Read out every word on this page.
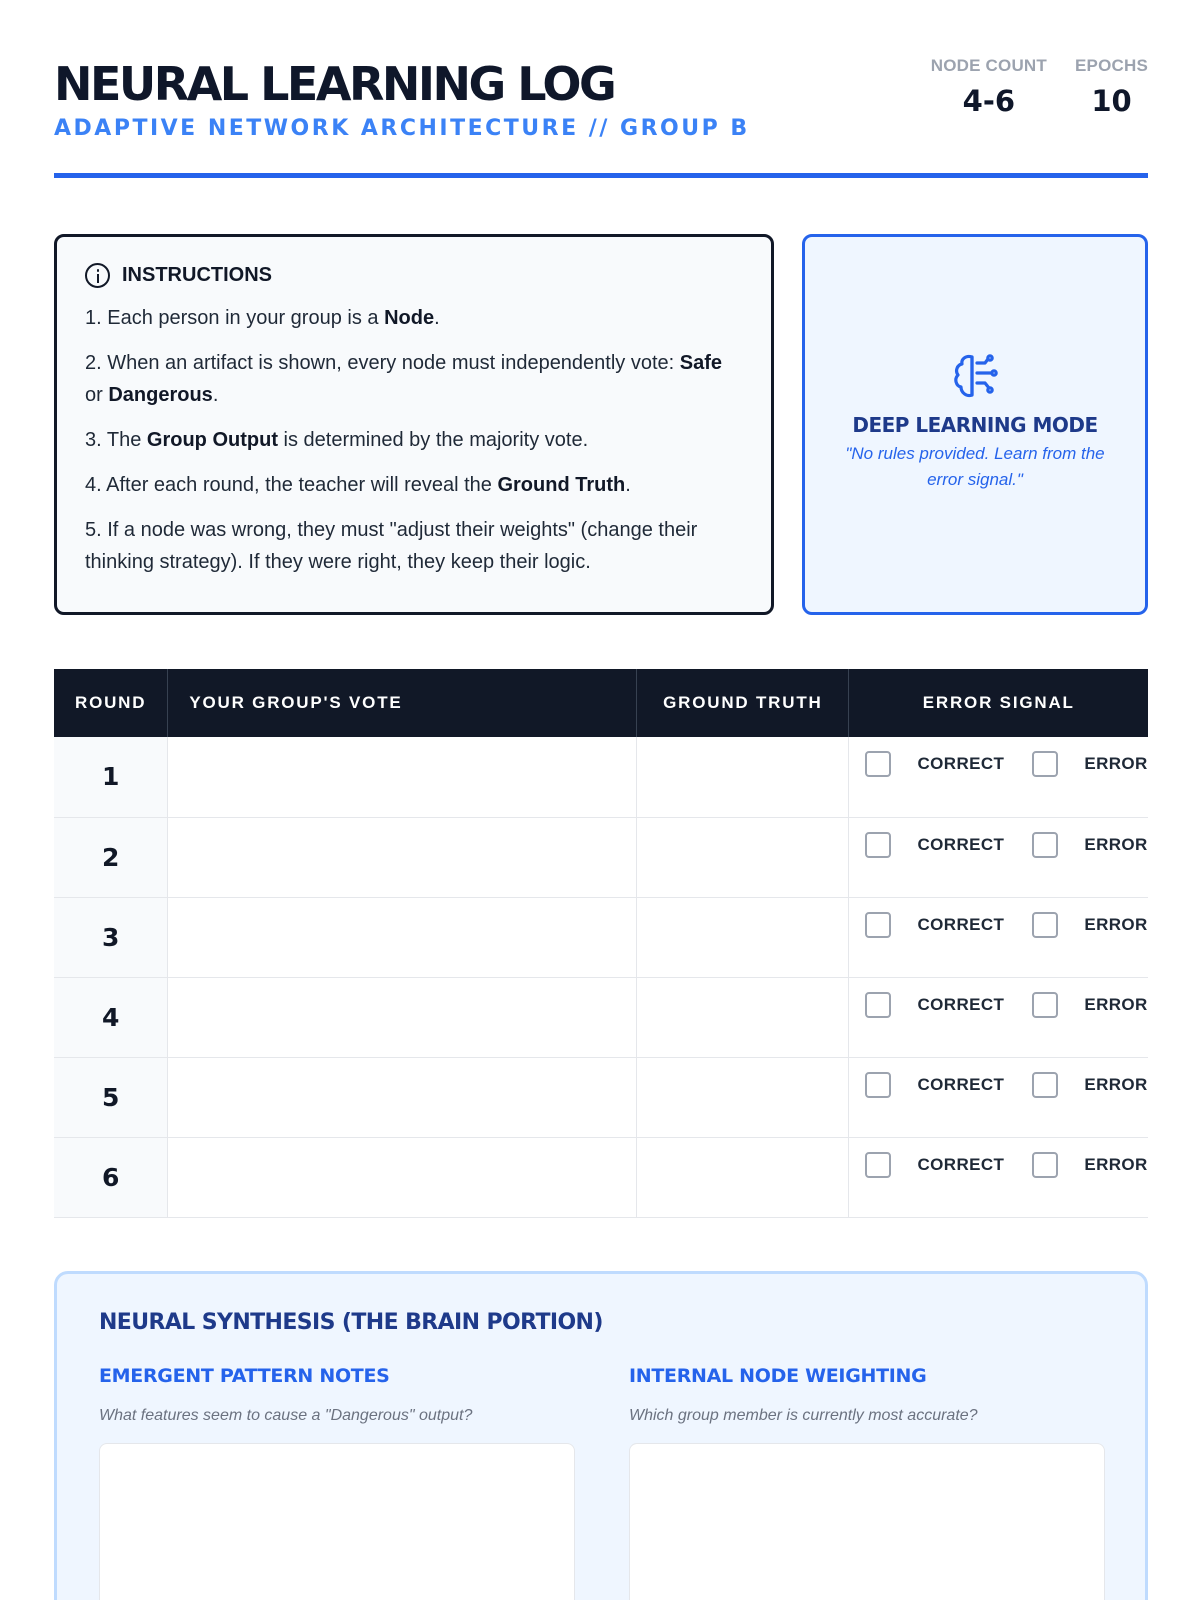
NEURAL LEARNING LOG
ADAPTIVE NETWORK ARCHITECTURE // GROUP B
NODE COUNT
4-6
EPOCHS
10
INSTRUCTIONS
1. Each person in your group is a Node.
2. When an artifact is shown, every node must independently vote: Safe or Dangerous.
3. The Group Output is determined by the majority vote.
4. After each round, the teacher will reveal the Ground Truth.
5. If a node was wrong, they must "adjust their weights" (change their thinking strategy). If they were right, they keep their logic.
DEEP LEARNING MODE
"No rules provided. Learn from the error signal."
ROUND	YOUR GROUP'S VOTE	GROUND TRUTH	ERROR SIGNAL
1			CORRECT ERROR

2			CORRECT ERROR

3			CORRECT ERROR

4			CORRECT ERROR

5			CORRECT ERROR

6			CORRECT ERROR
NEURAL SYNTHESIS (THE BRAIN PORTION)
EMERGENT PATTERN NOTES
What features seem to cause a "Dangerous" output?
INTERNAL NODE WEIGHTING
Which group member is currently most accurate?
